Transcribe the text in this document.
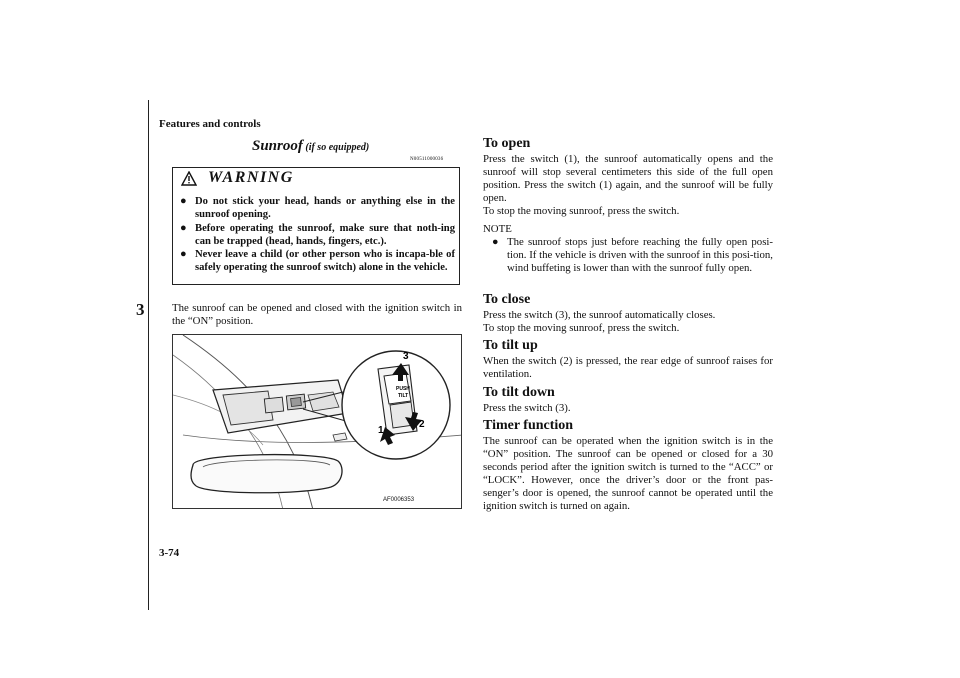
Features and controls
3
3-74
Sunroof (if so equipped)
N00511000036
WARNING
● Do not stick your head, hands or anything else in the sunroof opening.
● Before operating the sunroof, make sure that noth-ing can be trapped (head, hands, fingers, etc.).
● Never leave a child (or other person who is incapa-ble of safely operating the sunroof switch) alone in the vehicle.
The sunroof can be opened and closed with the ignition switch in the “ON” position.
PUSH
TILT
3
2
1
AF0006353
To open
Press the switch (1), the sunroof automatically opens and the sunroof will stop several centimeters this side of the full open position. Press the switch (1) again, and the sunroof will be fully open.
To stop the moving sunroof, press the switch.
NOTE
● The sunroof stops just before reaching the fully open posi-tion. If the vehicle is driven with the sunroof in this posi-tion, wind buffeting is lower than with the sunroof fully open.
To close
Press the switch (3), the sunroof automatically closes.
To stop the moving sunroof, press the switch.
To tilt up
When the switch (2) is pressed, the rear edge of sunroof raises for ventilation.
To tilt down
Press the switch (3).
Timer function
The sunroof can be operated when the ignition switch is in the “ON” position. The sunroof can be opened or closed for a 30 seconds period after the ignition switch is turned to the “ACC” or “LOCK”. However, once the driver’s door or the front pas-senger’s door is opened, the sunroof cannot be operated until the ignition switch is turned on again.
